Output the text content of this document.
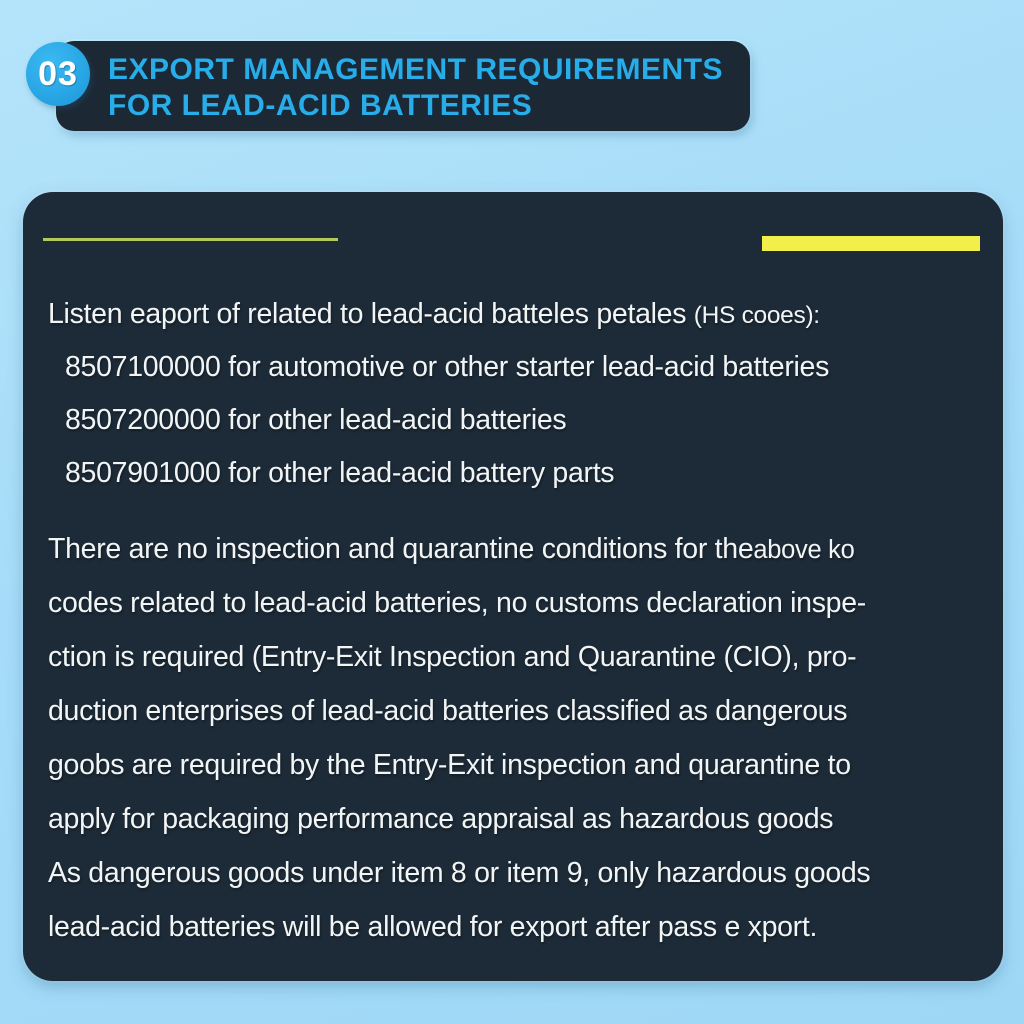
EXPORT MANAGEMENT REQUIREMENTS
FOR LEAD-ACID BATTERIES
03
Listen eaport of related to lead-acid batteles petales (HS cooes):
8507100000 for automotive or other starter lead-acid batteries
8507200000 for other lead-acid batteries
8507901000 for other lead-acid battery parts
There are no inspection and quarantine conditions for theabove ko
codes related to lead-acid batteries, no customs declaration inspe-
ction is required (Entry-Exit Inspection and Quarantine (CIO), pro-
duction enterprises of lead-acid batteries classified as dangerous
goobs are required by the Entry-Exit inspection and quarantine to
apply for packaging performance appraisal as hazardous goods
As dangerous goods under item 8 or item 9, only hazardous goods
lead-acid batteries will be allowed for export after pass e xport.
